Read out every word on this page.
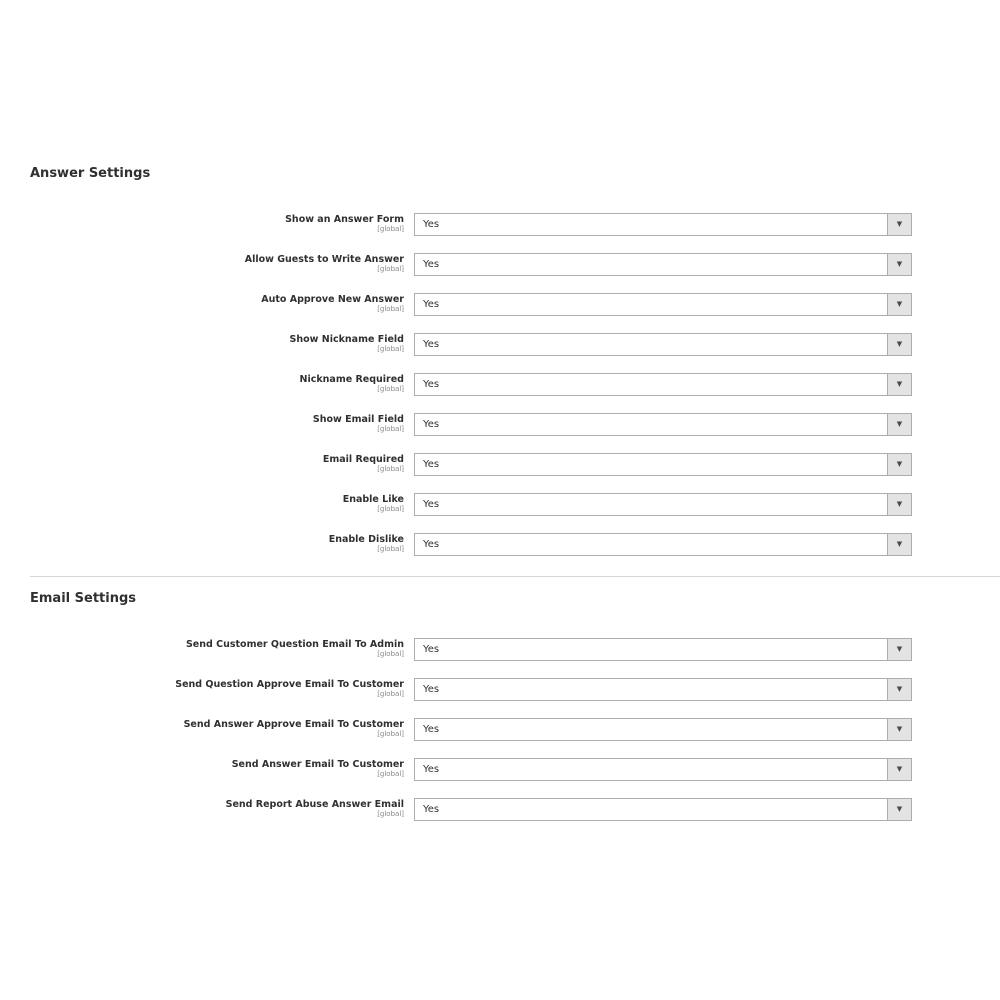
Answer Settings
Show an Answer Form
[global] Yes	▼
Allow Guests to Write Answer
[global] Yes	▼
Auto Approve New Answer
[global] Yes	▼
Show Nickname Field
[global] Yes	▼
Nickname Required
[global] Yes	▼
Show Email Field
[global] Yes	▼
Email Required
[global] Yes	▼
Enable Like
[global] Yes	▼
Enable Dislike
[global] Yes	▼
Email Settings
Send Customer Question Email To Admin
[global] Yes	▼
Send Question Approve Email To Customer
[global] Yes	▼
Send Answer Approve Email To Customer
[global] Yes	▼
Send Answer Email To Customer
[global] Yes	▼
Send Report Abuse Answer Email
[global] Yes	▼
